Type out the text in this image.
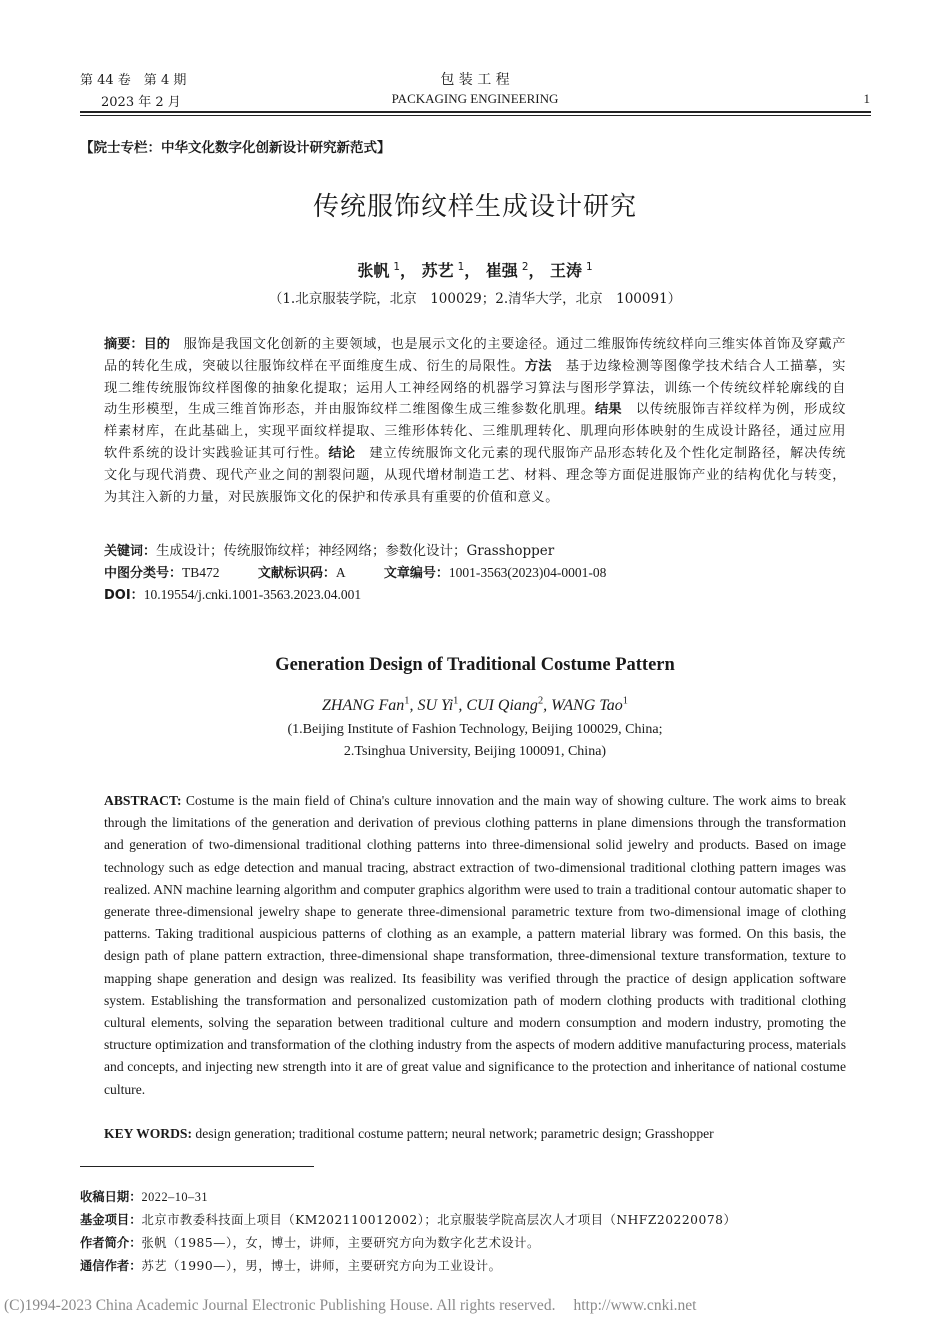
第 44 卷　第 4 期
2023 年 2 月
包 装 工 程
PACKAGING ENGINEERING	1
【院士专栏：中华文化数字化创新设计研究新范式】
传统服饰纹样生成设计研究
张帆 $^1$， 苏艺 $^1$， 崔强 $^2$， 王涛 $^1$
（1.北京服装学院，北京　100029；2.清华大学，北京　100091）
摘要：目的　 服饰是我国文化创新的主要领域，也是展示文化的主要途径。通过二维服饰传统纹样向三维实体首饰及穿戴产品的转化生成，突破以往服饰纹样在平面维度生成、衍生的局限性。方法　 基于边缘检测等图像学技术结合人工描摹，实现二维传统服饰纹样图像的抽象化提取；运用人工神经网络的机器学习算法与图形学算法，训练一个传统纹样轮廓线的自动生形模型，生成三维首饰形态，并由服饰纹样二维图像生成三维参数化肌理。结果　 以传统服饰吉祥纹样为例，形成纹样素材库，在此基础上，实现平面纹样提取、三维形体转化、三维肌理转化、肌理向形体映射的生成设计路径，通过应用软件系统的设计实践验证其可行性。结论　 建立传统服饰文化元素的现代服饰产品形态转化及个性化定制路径，解决传统文化与现代消费、现代产业之间的割裂问题，从现代增材制造工艺、材料、理念等方面促进服饰产业的结构优化与转变，为其注入新的力量，对民族服饰文化的保护和传承具有重要的价值和意义。
关键词：生成设计；传统服饰纹样；神经网络；参数化设计；Grasshopper
中图分类号：TB472	文献标识码：A	文章编号：1001-3563(2023)04-0001-08
DOI：10.19554/j.cnki.1001-3563.2023.04.001
Generation Design of Traditional Costume Pattern
ZHANG Fan$^1$, SU Yi$^1$, CUI Qiang$^2$, WANG Tao$^1$
(1.Beijing Institute of Fashion Technology, Beijing 100029, China;
2.Tsinghua University, Beijing 100091, China)
ABSTRACT: Costume is the main field of China's culture innovation and the main way of showing culture. The work aims to break through the limitations of the generation and derivation of previous clothing patterns in plane dimensions through the transformation and generation of two-dimensional traditional clothing patterns into three-dimensional solid jewelry and products. Based on image technology such as edge detection and manual tracing, abstract extraction of two-dimensional traditional clothing pattern images was realized. ANN machine learning algorithm and computer graphics algorithm were used to train a traditional contour automatic shaper to generate three-dimensional jewelry shape to generate three-dimensional parametric texture from two-dimensional image of clothing patterns. Taking traditional auspicious patterns of clothing as an example, a pattern material library was formed. On this basis, the design path of plane pattern extraction, three-dimensional shape transformation, three-dimensional texture transformation, texture to mapping shape generation and design was realized. Its feasibility was verified through the practice of design application software system. Establishing the transformation and personalized customization path of modern clothing products with traditional clothing cultural elements, solving the separation between traditional culture and modern consumption and modern industry, promoting the structure optimization and transformation of the clothing industry from the aspects of modern additive manufacturing process, materials and concepts, and injecting new strength into it are of great value and significance to the protection and inheritance of national costume culture.
KEY WORDS: design generation; traditional costume pattern; neural network; parametric design; Grasshopper
收稿日期：2022–10–31
基金项目：北京市教委科技面上项目（KM202110012002）；北京服装学院高层次人才项目（NHFZ20220078）
作者简介：张帆（1985—），女，博士，讲师，主要研究方向为数字化艺术设计。
通信作者：苏艺（1990—），男，博士，讲师，主要研究方向为工业设计。
(C)1994-2023 China Academic Journal Electronic Publishing House. All rights reserved. http://www.cnki.net
